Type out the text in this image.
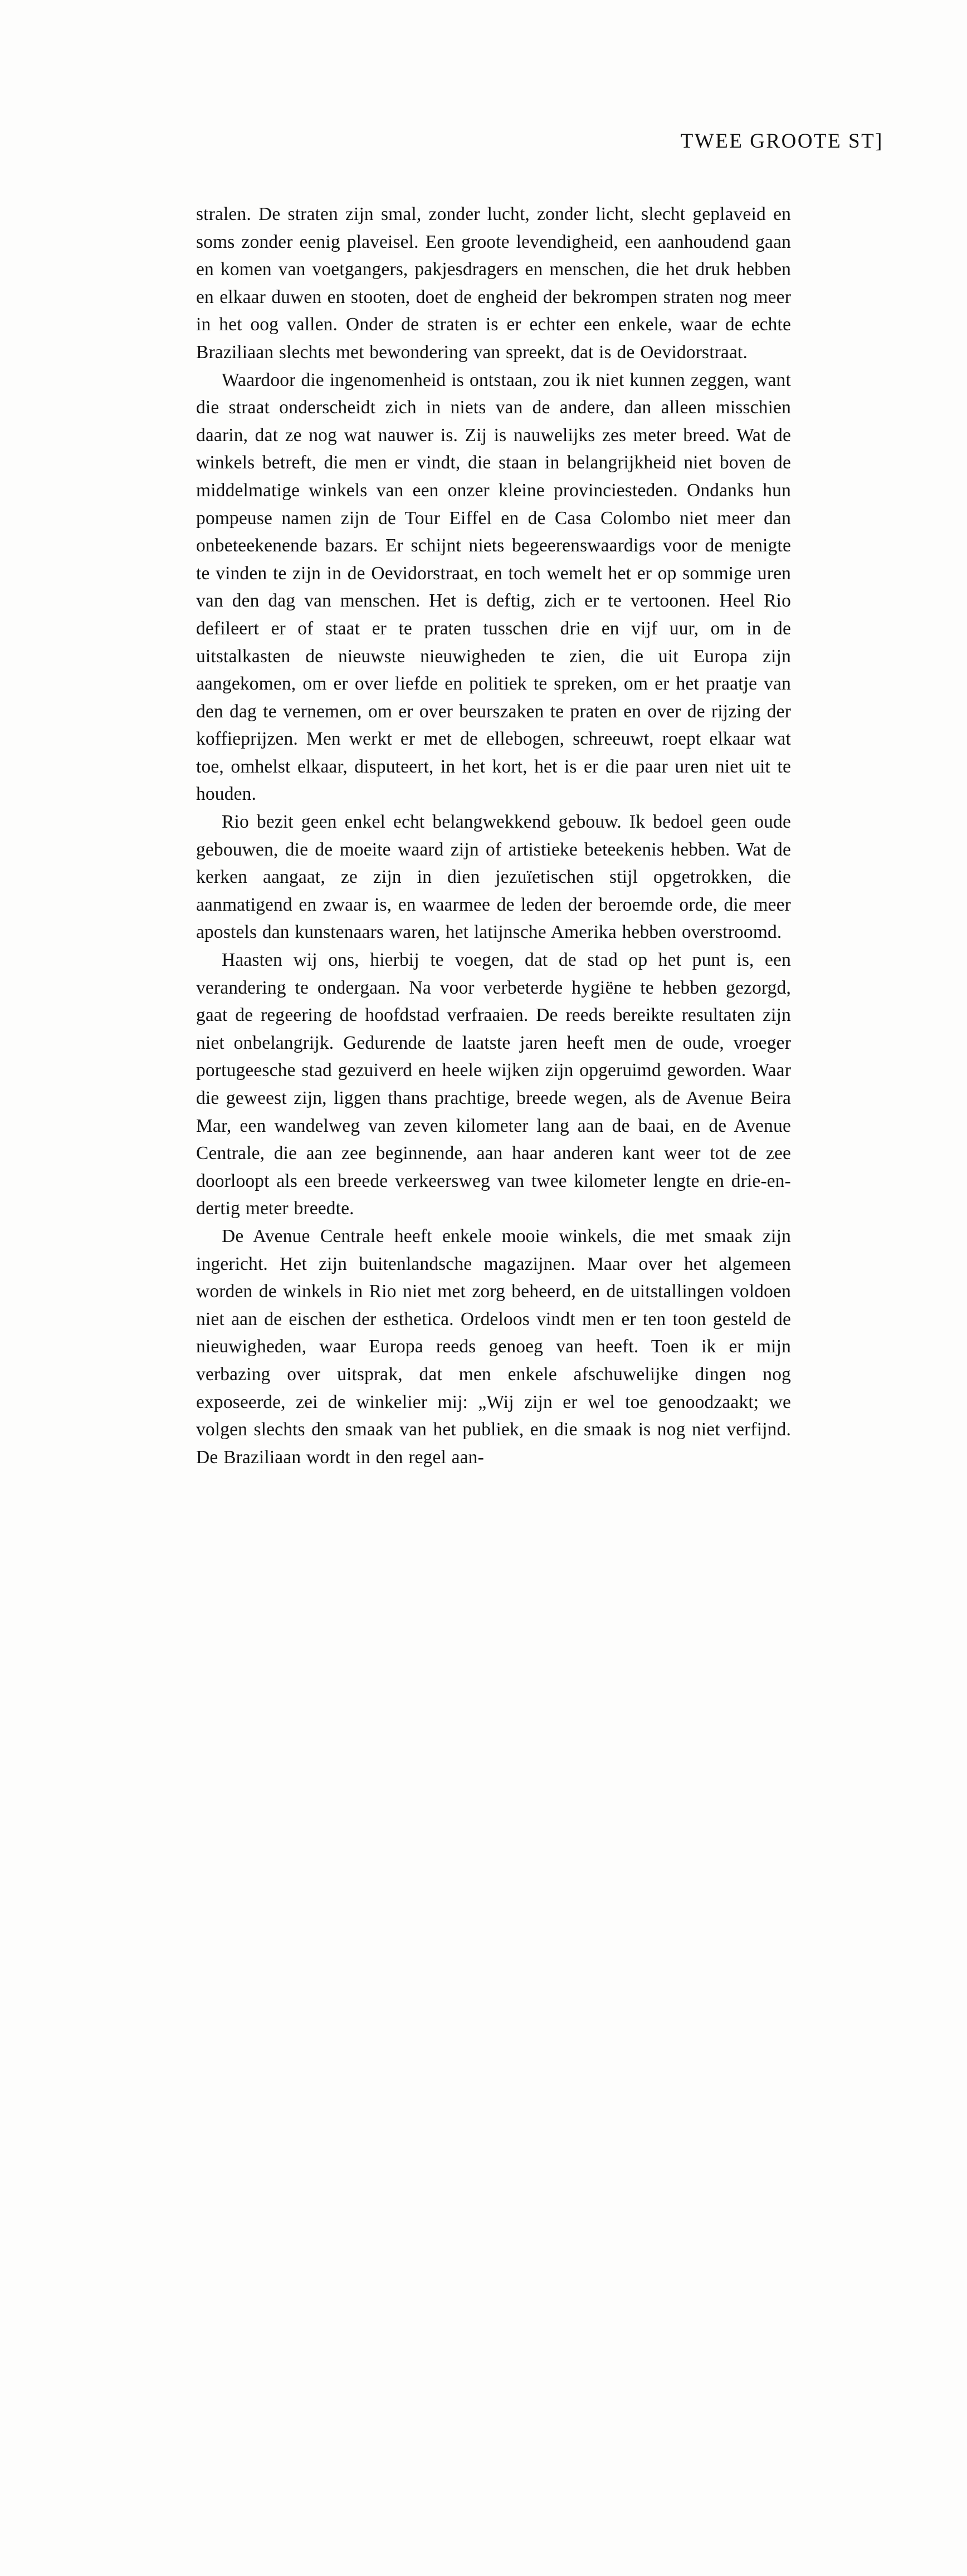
TWEE GROOTE ST]

stralen. De straten zijn smal, zonder lucht, zonder licht, slecht geplaveid en soms zonder eenig plaveisel. Een groote levendigheid, een aanhoudend gaan en komen van voetgangers, pakjesdragers en menschen, die het druk hebben en elkaar duwen en stooten, doet de engheid der bekrompen straten nog meer in het oog vallen. Onder de straten is er echter een enkele, waar de echte Braziliaan slechts met bewondering van spreekt, dat is de Oevidorstraat.

Waardoor die ingenomenheid is ontstaan, zou ik niet kunnen zeggen, want die straat onderscheidt zich in niets van de andere, dan alleen misschien daarin, dat ze nog wat nauwer is. Zij is nauwelijks zes meter breed. Wat de winkels betreft, die men er vindt, die staan in belangrijkheid niet boven de middelmatige winkels van een onzer kleine provinciesteden. Ondanks hun pompeuse namen zijn de Tour Eiffel en de Casa Colombo niet meer dan onbeteekenende bazars. Er schijnt niets begeerenswaardigs voor de menigte te vinden te zijn in de Oevidorstraat, en toch wemelt het er op sommige uren van den dag van menschen. Het is deftig, zich er te vertoonen. Heel Rio defileert er of staat er te praten tusschen drie en vijf uur, om in de uitstalkasten de nieuwste nieuwigheden te zien, die uit Europa zijn aangekomen, om er over liefde en politiek te spreken, om er het praatje van den dag te vernemen, om er over beurszaken te praten en over de rijzing der koffieprijzen. Men werkt er met de ellebogen, schreeuwt, roept elkaar wat toe, omhelst elkaar, disputeert, in het kort, het is er die paar uren niet uit te houden.

Rio bezit geen enkel echt belangwekkend gebouw. Ik bedoel geen oude gebouwen, die de moeite waard zijn of artistieke beteekenis hebben. Wat de kerken aangaat, ze zijn in dien jezuïetischen stijl opgetrokken, die aanmatigend en zwaar is, en waarmee de leden der beroemde orde, die meer apostels dan kunstenaars waren, het latijnsche Amerika hebben overstroomd.

Haasten wij ons, hierbij te voegen, dat de stad op het punt is, een verandering te ondergaan. Na voor verbeterde hygiëne te hebben gezorgd, gaat de regeering de hoofdstad verfraaien. De reeds bereikte resultaten zijn niet onbelangrijk. Gedurende de laatste jaren heeft men de oude, vroeger portugeesche stad gezuiverd en heele wijken zijn opgeruimd geworden. Waar die geweest zijn, liggen thans prachtige, breede wegen, als de Avenue Beira Mar, een wandelweg van zeven kilometer lang aan de baai, en de Avenue Centrale, die aan zee beginnende, aan haar anderen kant weer tot de zee doorloopt als een breede verkeersweg van twee kilometer lengte en drie-en-dertig meter breedte.

De Avenue Centrale heeft enkele mooie winkels, die met smaak zijn ingericht. Het zijn buitenlandsche magazijnen. Maar over het algemeen worden de winkels in Rio niet met zorg beheerd, en de uitstallingen voldoen niet aan de eischen der esthetica. Ordeloos vindt men er ten toon gesteld de nieuwigheden, waar Europa reeds genoeg van heeft. Toen ik er mijn verbazing over uitsprak, dat men enkele afschuwelijke dingen nog exposeerde, zei de winkelier mij: „Wij zijn er wel toe genoodzaakt; we volgen slechts den smaak van het publiek, en die smaak is nog niet verfijnd. De Braziliaan wordt in den regel aan-
